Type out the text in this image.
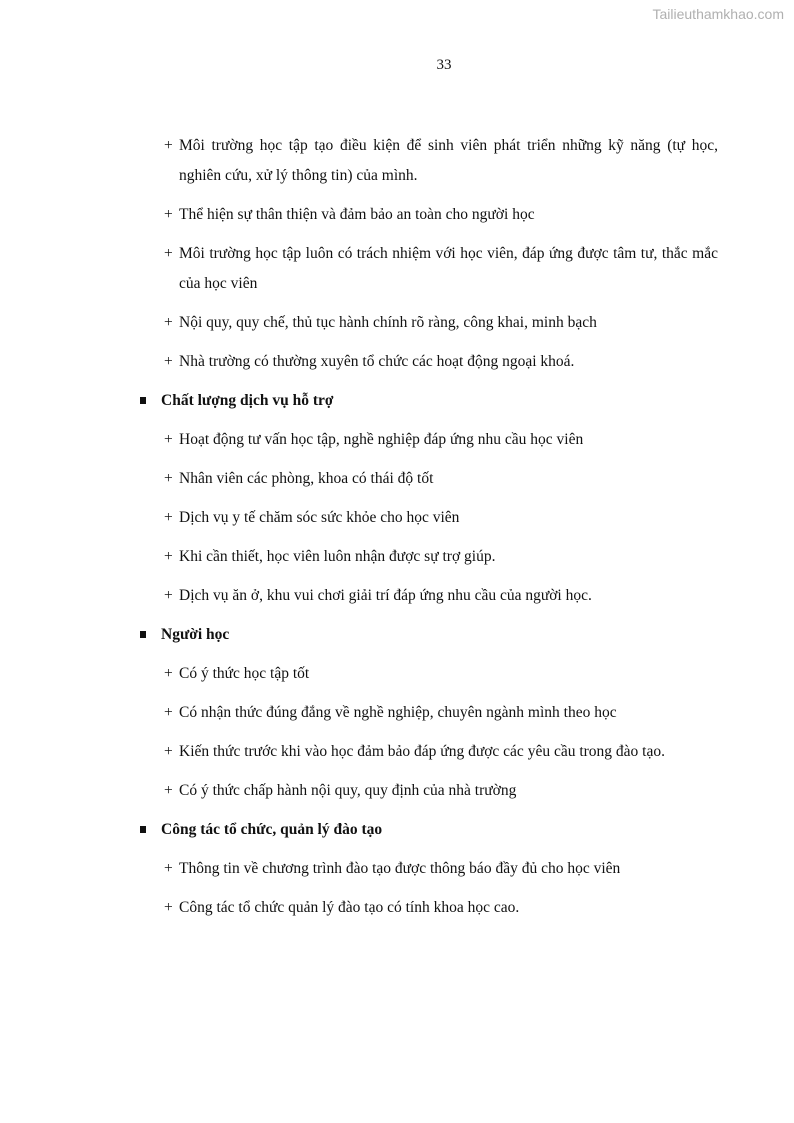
Tailieuthamkhao.com
33
+ Môi trường học tập tạo điều kiện để sinh viên phát triển những kỹ năng (tự học, nghiên cứu, xử lý thông tin) của mình.
+ Thể hiện sự thân thiện và đảm bảo an toàn cho người học
+ Môi trường học tập luôn có trách nhiệm với học viên, đáp ứng được tâm tư, thắc mắc của học viên
+ Nội quy, quy chế, thủ tục hành chính rõ ràng, công khai, minh bạch
+ Nhà trường có thường xuyên tổ chức các hoạt động ngoại khoá.
Chất lượng dịch vụ hỗ trợ
+ Hoạt động tư vấn học tập, nghề nghiệp đáp ứng nhu cầu học viên
+ Nhân viên các phòng, khoa có thái độ tốt
+ Dịch vụ y tế chăm sóc sức khỏe cho học viên
+ Khi cần thiết, học viên luôn nhận được sự trợ giúp.
+ Dịch vụ ăn ở, khu vui chơi giải trí đáp ứng nhu cầu của người học.
Người học
+ Có ý thức học tập tốt
+ Có nhận thức đúng đắng về nghề nghiệp, chuyên ngành mình theo học
+ Kiến thức trước khi vào học đảm bảo đáp ứng được các yêu cầu trong đào tạo.
+ Có ý thức chấp hành nội quy, quy định của nhà trường
Công tác tổ chức, quản lý đào tạo
+ Thông tin về chương trình đào tạo được thông báo đầy đủ cho học viên
+ Công tác tổ chức quản lý đào tạo có tính khoa học cao.
